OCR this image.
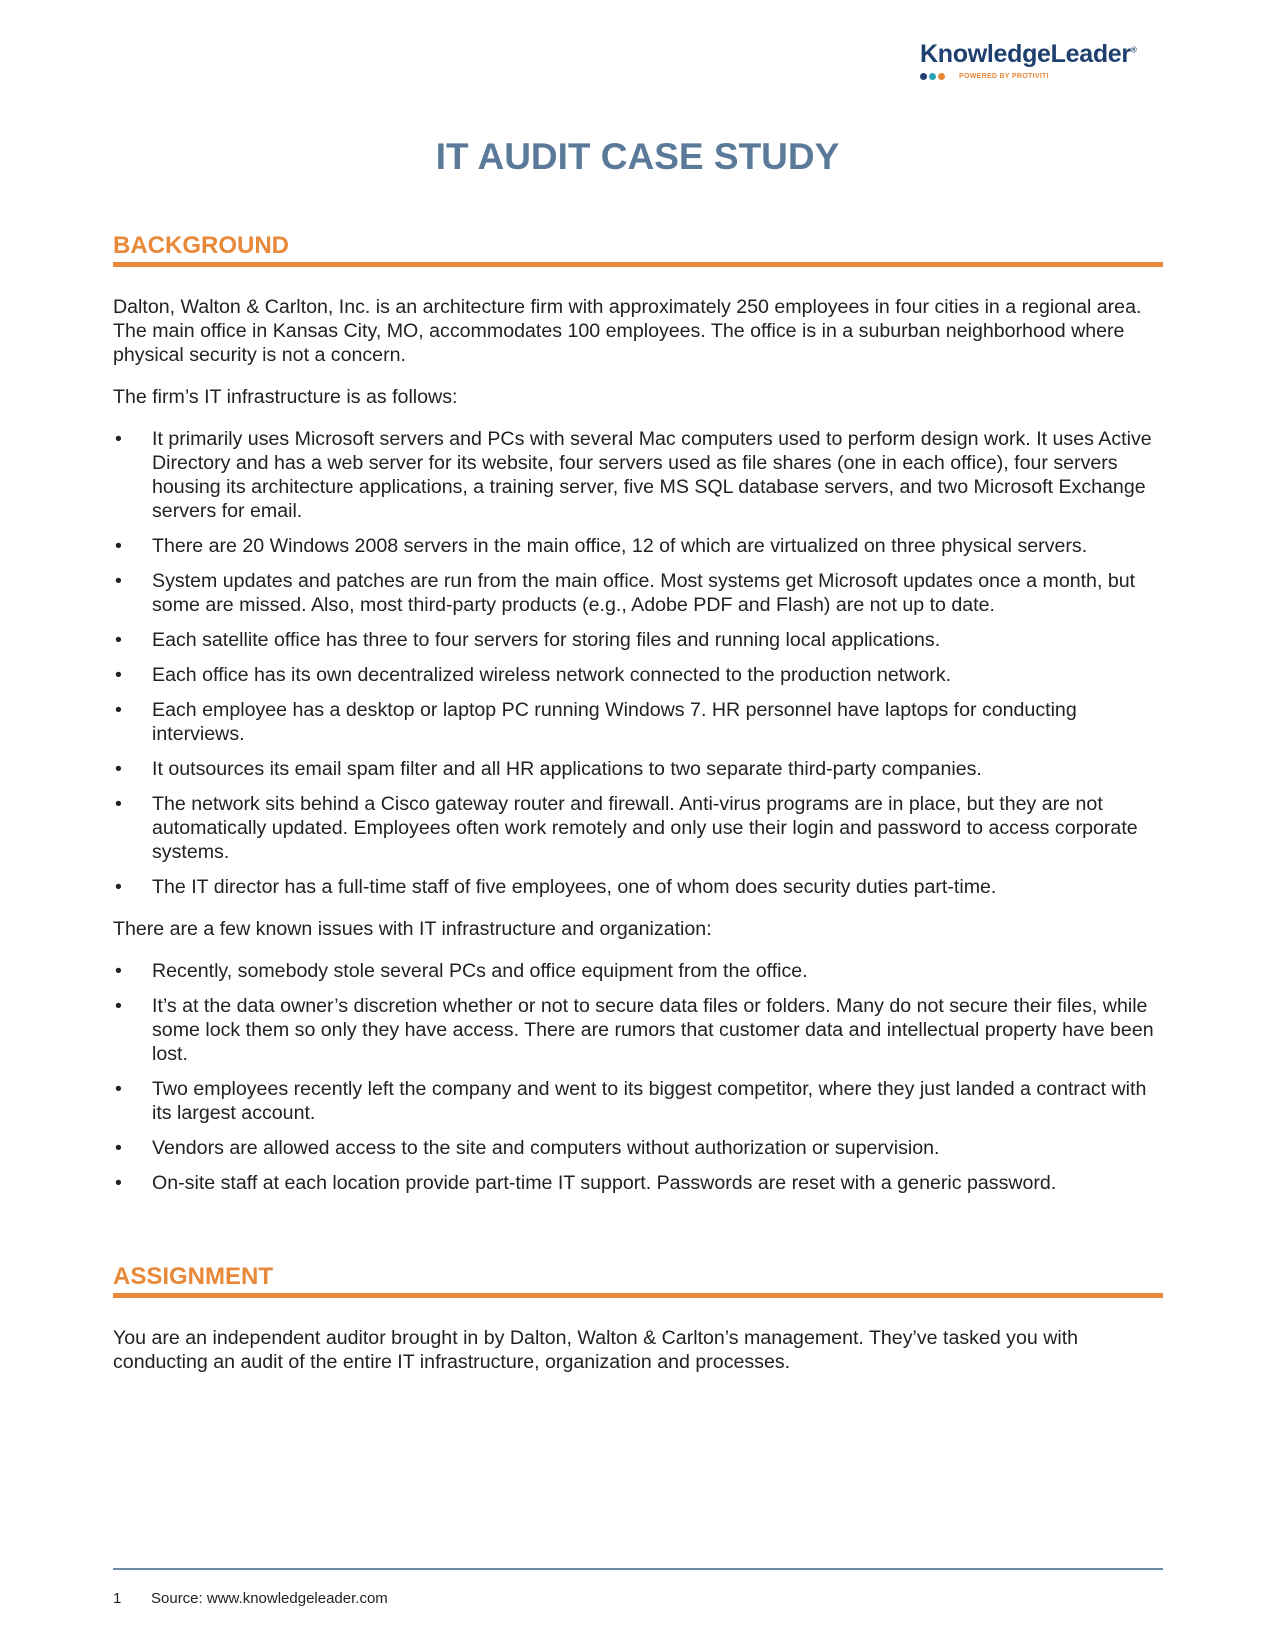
KnowledgeLeader®
POWERED BY PROTIVITI
IT AUDIT CASE STUDY
BACKGROUND

Dalton, Walton & Carlton, Inc. is an architecture firm with approximately 250 employees in four cities in a regional area. The main office in Kansas City, MO, accommodates 100 employees. The office is in a suburban neighborhood where physical security is not a concern.

The firm’s IT infrastructure is as follows:

• It primarily uses Microsoft servers and PCs with several Mac computers used to perform design work. It uses Active Directory and has a web server for its website, four servers used as file shares (one in each office), four servers housing its architecture applications, a training server, five MS SQL database servers, and two Microsoft Exchange servers for email.
• There are 20 Windows 2008 servers in the main office, 12 of which are virtualized on three physical servers.
• System updates and patches are run from the main office. Most systems get Microsoft updates once a month, but some are missed. Also, most third-party products (e.g., Adobe PDF and Flash) are not up to date.
• Each satellite office has three to four servers for storing files and running local applications.
• Each office has its own decentralized wireless network connected to the production network.
• Each employee has a desktop or laptop PC running Windows 7. HR personnel have laptops for conducting interviews.
• It outsources its email spam filter and all HR applications to two separate third-party companies.
• The network sits behind a Cisco gateway router and firewall. Anti-virus programs are in place, but they are not automatically updated. Employees often work remotely and only use their login and password to access corporate systems.
• The IT director has a full-time staff of five employees, one of whom does security duties part-time.

There are a few known issues with IT infrastructure and organization:

• Recently, somebody stole several PCs and office equipment from the office.
• It’s at the data owner’s discretion whether or not to secure data files or folders. Many do not secure their files, while some lock them so only they have access. There are rumors that customer data and intellectual property have been lost.
• Two employees recently left the company and went to its biggest competitor, where they just landed a contract with its largest account.
• Vendors are allowed access to the site and computers without authorization or supervision.
• On-site staff at each location provide part-time IT support. Passwords are reset with a generic password.
ASSIGNMENT

You are an independent auditor brought in by Dalton, Walton & Carlton’s management. They’ve tasked you with conducting an audit of the entire IT infrastructure, organization and processes.

1 Source: www.knowledgeleader.com
